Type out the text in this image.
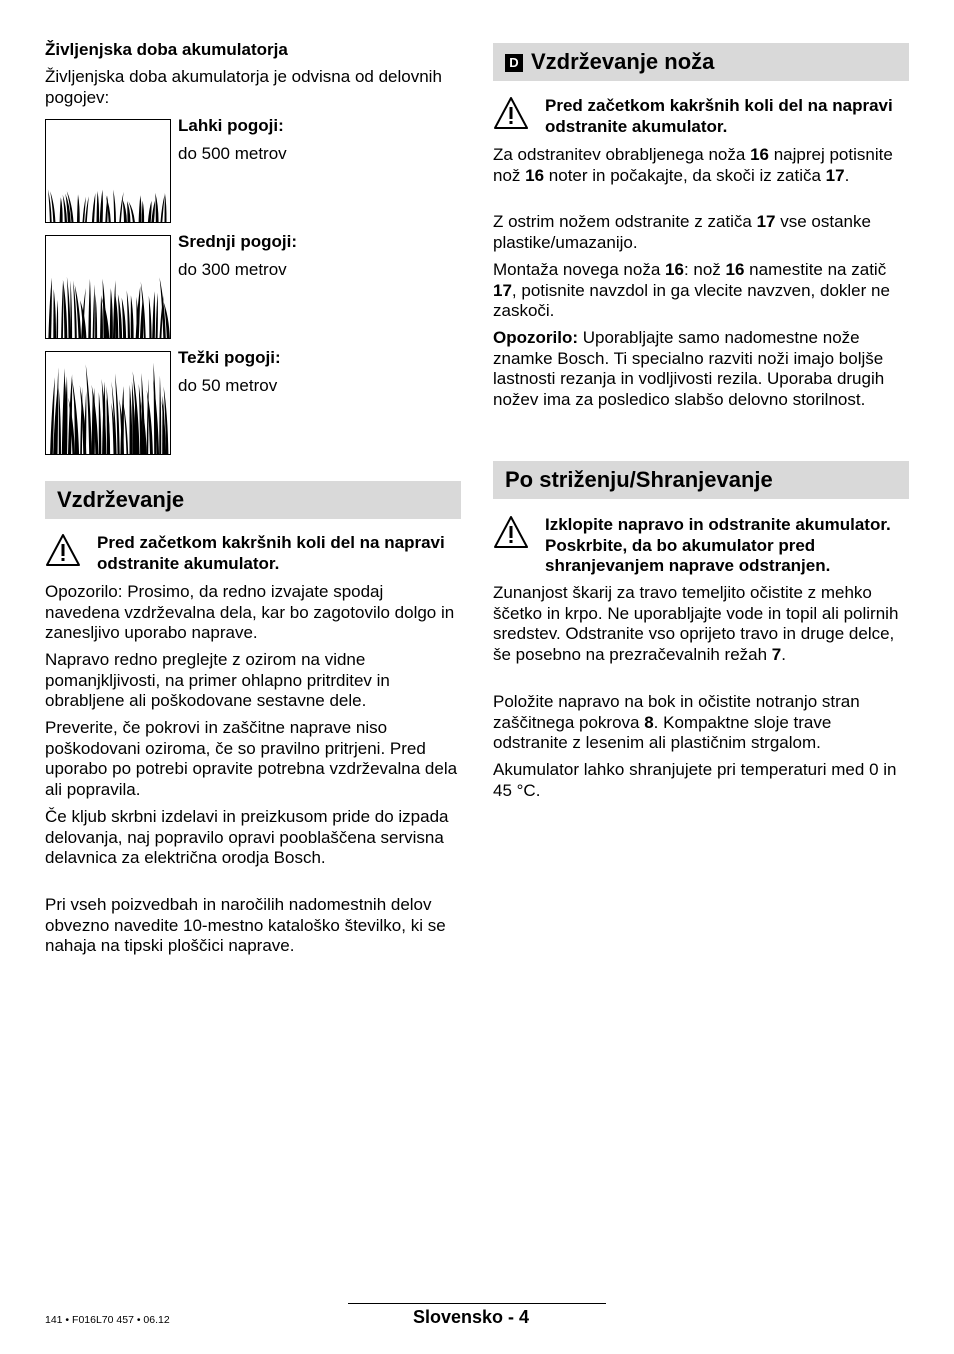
Življenjska doba akumulatorja

Življenjska doba akumulatorja je odvisna od delovnih pogojev:

Lahki pogoji:
do 500 metrov
Srednji pogoji:
do 300 metrov
Težki pogoji:
do 50 metrov
Vzdrževanje
Pred začetkom kakršnih koli del na napravi odstranite akumulator.

Opozorilo: Prosimo, da redno izvajate spodaj navedena vzdrževalna dela, kar bo zagotovilo dolgo in zanesljivo uporabo naprave.

Napravo redno preglejte z ozirom na vidne pomanjkljivosti, na primer ohlapno pritrditev in obrabljene ali poškodovane sestavne dele.

Preverite, če pokrovi in zaščitne naprave niso poškodovani oziroma, če so pravilno pritrjeni. Pred uporabo po potrebi opravite potrebna vzdrževalna dela ali popravila.

Če kljub skrbni izdelavi in preizkusom pride do izpada delovanja, naj popravilo opravi pooblaščena servisna delavnica za električna orodja Bosch.

Pri vseh poizvedbah in naročilih nadomestnih delov obvezno navedite 10-mestno kataloško številko, ki se nahaja na tipski ploščici naprave.

D Vzdrževanje noža
Pred začetkom kakršnih koli del na napravi odstranite akumulator.

Za odstranitev obrabljenega noža 16 najprej potisnite nož 16 noter in počakajte, da skoči iz zatiča 17.

Z ostrim nožem odstranite z zatiča 17 vse ostanke plastike/umazanijo.

Montaža novega noža 16: nož 16 namestite na zatič 17, potisnite navzdol in ga vlecite navzven, dokler ne zaskoči.

Opozorilo: Uporabljajte samo nadomestne nože znamke Bosch. Ti specialno razviti noži imajo boljše lastnosti rezanja in vodljivosti rezila. Uporaba drugih nožev ima za posledico slabšo delovno storilnost.

Po striženju/Shranjevanje
Izklopite napravo in odstranite akumulator. Poskrbite, da bo akumulator pred shranjevanjem naprave odstranjen.

Zunanjost škarij za travo temeljito očistite z mehko ščetko in krpo. Ne uporabljajte vode in topil ali polirnih sredstev. Odstranite vso oprijeto travo in druge delce, še posebno na prezračevalnih režah 7.

Položite napravo na bok in očistite notranjo stran zaščitnega pokrova 8. Kompaktne sloje trave odstranite z lesenim ali plastičnim strgalom.

Akumulator lahko shranjujete pri temperaturi med 0 in 45 °C.

141 • F016L70 457 • 06.12	Slovensko - 4
